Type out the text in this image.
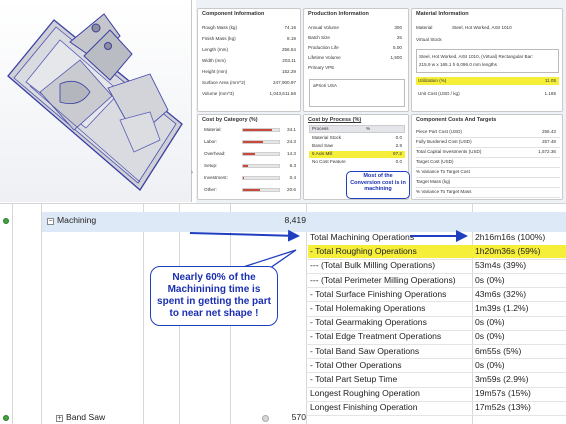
›
Component Information
Rough Mass (kg)	74.16
Finish Mass (kg)	8.19
Length (mm)	256.54
Width (mm)	203.11
Height (mm)	152.29
Surface Area (mm^2)	247,900.97
Volume (mm^3)	1,043,611.56
Production Information
Annual Volume	300
Batch Size	25
Production Life	5.00
Lifetime Volume	1,500
Primary VPE
aPriori USA
Material Information
Material	Steel, Hot Worked, AISI 1010
Virtual Stock
Steel, Hot Worked, AISI 1010, (Virtual) Rectangular Bar:
215.9 w x 165.1 h 6,096.0 mm lengths
Utilization (%)	11.05
Unit Cost (USD / kg)	1.185
Cost by Category (%)
Material:	34.1
Labor:	24.3
Overhead:	14.3
Setup:	6.3
Investment:	0.4
Other:	20.6
Cost by Process (%)
Process	%
Material Stock	0.0
Band Saw	2.8
5 Axis Mill	97.2
No Cost Feature	0.0
Most of the Conversion cost is in machining
Component Costs And Targets
Piece Part Cost (USD)	256.43
Fully Burdened Cost (USD)	257.48
Total Capital Investments (USD)	1,572.36
Target Cost (USD)
% Variance To Target Cost
Target Mass (kg)
% Variance To Target Mass
− Machining	8,419
+ Band Saw	570
Total Machining Operations	2h16m16s (100%)
- Total Roughing Operations	1h20m36s (59%)
--- (Total Bulk Milling Operations)	53m4s (39%)
--- (Total Perimeter Milling Operations) 0s (0%)
- Total Surface Finishing Operations	43m6s (32%)
- Total Holemaking Operations	1m39s (1.2%)
- Total Gearmaking Operations	0s (0%)
- Total Edge Treatment Operations	0s (0%)
- Total Band Saw Operations	6m55s (5%)
- Total Other Operations	0s (0%)
- Total Part Setup Time	3m59s (2.9%)
Longest Roughing Operation	19m57s (15%)
Longest Finishing Operation	17m52s (13%)
Nearly 60% of the Machinining time is spent in getting the part to near net shape !
